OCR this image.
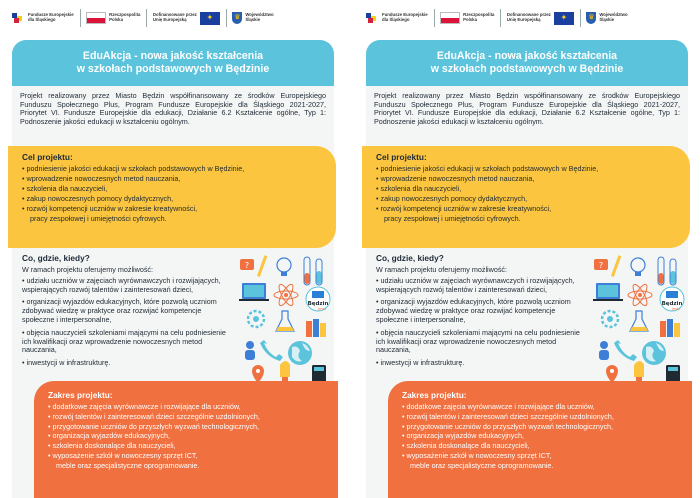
Fundusze Europejskie
dla Śląskiego
Rzeczpospolita
Polska
Dofinansowane przez
Unię Europejską	✦	♛	Województwo
Śląskie
EduAkcja - nowa jakość kształcenia
w szkołach podstawowych w Będzinie

Projekt realizowany przez Miasto Będzin współfinansowany ze środków Europejskiego Funduszu Społecznego Plus, Program Fundusze Europejskie dla Śląskiego 2021-2027, Priorytet VI. Fundusze Europejskie dla edukacji, Działanie 6.2 Kształcenie ogólne, Typ 1: Podnoszenie jakości edukacji w kształceniu ogólnym.

Cel projektu:
• podniesienie jakości edukacji w szkołach podstawowych w Będzinie,
• wprowadzenie nowoczesnych metod nauczania,
• szkolenia dla nauczycieli,
• zakup nowoczesnych pomocy dydaktycznych,
• rozwój kompetencji uczniów w zakresie kreatywności,
pracy zespołowej i umiejętności cyfrowych.
Co, gdzie, kiedy?
W ramach projektu oferujemy możliwość:
• udziału uczniów w zajęciach wyrównawczych i rozwijających, wspierających rozwój talentów i zainteresowań dzieci,
• organizacji wyjazdów edukacyjnych, które pozwolą uczniom zdobywać wiedzę w praktyce oraz rozwijać kompetencje społeczne i interpersonalne,
• objęcia nauczycieli szkoleniami mającymi na celu podniesienie ich kwalifikacji oraz wprowadzenie nowoczesnych metod nauczania,
• inwestycji w infrastrukturę.
?
Będzin
jest!
Zakres projektu:
• dodatkowe zajęcia wyrównawcze i rozwijające dla uczniów,
• rozwój talentów i zainteresowań dzieci szczególnie uzdolnionych,
• przygotowanie uczniów do przyszłych wyzwań technologicznych,
• organizacja wyjazdów edukacyjnych,
• szkolenia doskonalące dla nauczycieli,
• wyposażenie szkół w nowoczesny sprzęt ICT,
meble oraz specjalistyczne oprogramowanie.
Fundusze Europejskie
dla Śląskiego
Rzeczpospolita
Polska
Dofinansowane przez
Unię Europejską	✦	♛	Województwo
Śląskie
EduAkcja - nowa jakość kształcenia
w szkołach podstawowych w Będzinie

Projekt realizowany przez Miasto Będzin współfinansowany ze środków Europejskiego Funduszu Społecznego Plus, Program Fundusze Europejskie dla Śląskiego 2021-2027, Priorytet VI. Fundusze Europejskie dla edukacji, Działanie 6.2 Kształcenie ogólne, Typ 1: Podnoszenie jakości edukacji w kształceniu ogólnym.

Cel projektu:
• podniesienie jakości edukacji w szkołach podstawowych w Będzinie,
• wprowadzenie nowoczesnych metod nauczania,
• szkolenia dla nauczycieli,
• zakup nowoczesnych pomocy dydaktycznych,
• rozwój kompetencji uczniów w zakresie kreatywności,
pracy zespołowej i umiejętności cyfrowych.
Co, gdzie, kiedy?
W ramach projektu oferujemy możliwość:
• udziału uczniów w zajęciach wyrównawczych i rozwijających, wspierających rozwój talentów i zainteresowań dzieci,
• organizacji wyjazdów edukacyjnych, które pozwolą uczniom zdobywać wiedzę w praktyce oraz rozwijać kompetencje społeczne i interpersonalne,
• objęcia nauczycieli szkoleniami mającymi na celu podniesienie ich kwalifikacji oraz wprowadzenie nowoczesnych metod nauczania,
• inwestycji w infrastrukturę.
?
Będzin
jest!
Zakres projektu:
• dodatkowe zajęcia wyrównawcze i rozwijające dla uczniów,
• rozwój talentów i zainteresowań dzieci szczególnie uzdolnionych,
• przygotowanie uczniów do przyszłych wyzwań technologicznych,
• organizacja wyjazdów edukacyjnych,
• szkolenia doskonalące dla nauczycieli,
• wyposażenie szkół w nowoczesny sprzęt ICT,
meble oraz specjalistyczne oprogramowanie.
